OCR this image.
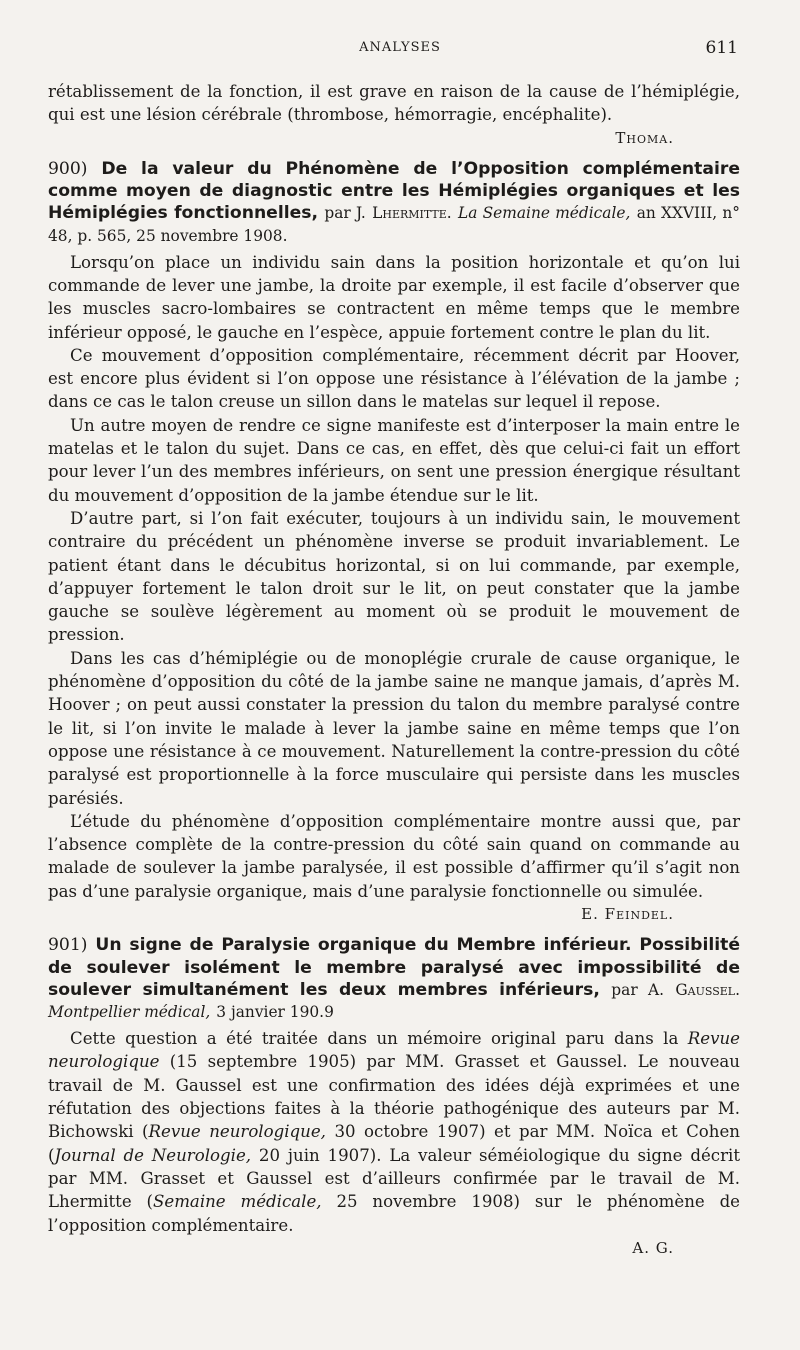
ANALYSES	611

rétablissement de la fonction, il est grave en raison de la cause de l’hémiplégie, qui est une lésion cérébrale (thrombose, hémorragie, encéphalite).

Thoma.

900) De la valeur du Phénomène de l’Opposition complémentaire comme moyen de diagnostic entre les Hémiplégies organiques et les Hémiplégies fonctionnelles, par J. Lhermitte. La Semaine médicale, an XXVIII, n° 48, p. 565, 25 novembre 1908.

Lorsqu’on place un individu sain dans la position horizontale et qu’on lui commande de lever une jambe, la droite par exemple, il est facile d’observer que les muscles sacro-lombaires se contractent en même temps que le membre inférieur opposé, le gauche en l’espèce, appuie fortement contre le plan du lit.

Ce mouvement d’opposition complémentaire, récemment décrit par Hoover, est encore plus évident si l’on oppose une résistance à l’élévation de la jambe ; dans ce cas le talon creuse un sillon dans le matelas sur lequel il repose.

Un autre moyen de rendre ce signe manifeste est d’interposer la main entre le matelas et le talon du sujet. Dans ce cas, en effet, dès que celui-ci fait un effort pour lever l’un des membres inférieurs, on sent une pression énergique résultant du mouvement d’opposition de la jambe étendue sur le lit.

D’autre part, si l’on fait exécuter, toujours à un individu sain, le mouvement contraire du précédent un phénomène inverse se produit invariablement. Le patient étant dans le décubitus horizontal, si on lui commande, par exemple, d’appuyer fortement le talon droit sur le lit, on peut constater que la jambe gauche se soulève légèrement au moment où se produit le mouvement de pression.

Dans les cas d’hémiplégie ou de monoplégie crurale de cause organique, le phénomène d’opposition du côté de la jambe saine ne manque jamais, d’après M. Hoover ; on peut aussi constater la pression du talon du membre paralysé contre le lit, si l’on invite le malade à lever la jambe saine en même temps que l’on oppose une résistance à ce mouvement. Naturellement la contre-pression du côté paralysé est proportionnelle à la force musculaire qui persiste dans les muscles parésiés.

L’étude du phénomène d’opposition complémentaire montre aussi que, par l’absence complète de la contre-pression du côté sain quand on commande au malade de soulever la jambe paralysée, il est possible d’affirmer qu’il s’agit non pas d’une paralysie organique, mais d’une paralysie fonctionnelle ou simulée.

E. Feindel.

901) Un signe de Paralysie organique du Membre inférieur. Possibilité de soulever isolément le membre paralysé avec impossibilité de soulever simultanément les deux membres inférieurs, par A. Gaussel. Montpellier médical, 3 janvier 190.9

Cette question a été traitée dans un mémoire original paru dans la Revue neurologique (15 septembre 1905) par MM. Grasset et Gaussel. Le nouveau travail de M. Gaussel est une confirmation des idées déjà exprimées et une réfutation des objections faites à la théorie pathogénique des auteurs par M. Bichowski (Revue neurologique, 30 octobre 1907) et par MM. Noïca et Cohen (Journal de Neurologie, 20 juin 1907). La valeur séméiologique du signe décrit par MM. Grasset et Gaussel est d’ailleurs confirmée par le travail de M. Lhermitte (Semaine médicale, 25 novembre 1908) sur le phénomène de l’opposition complémentaire.

A. G.
